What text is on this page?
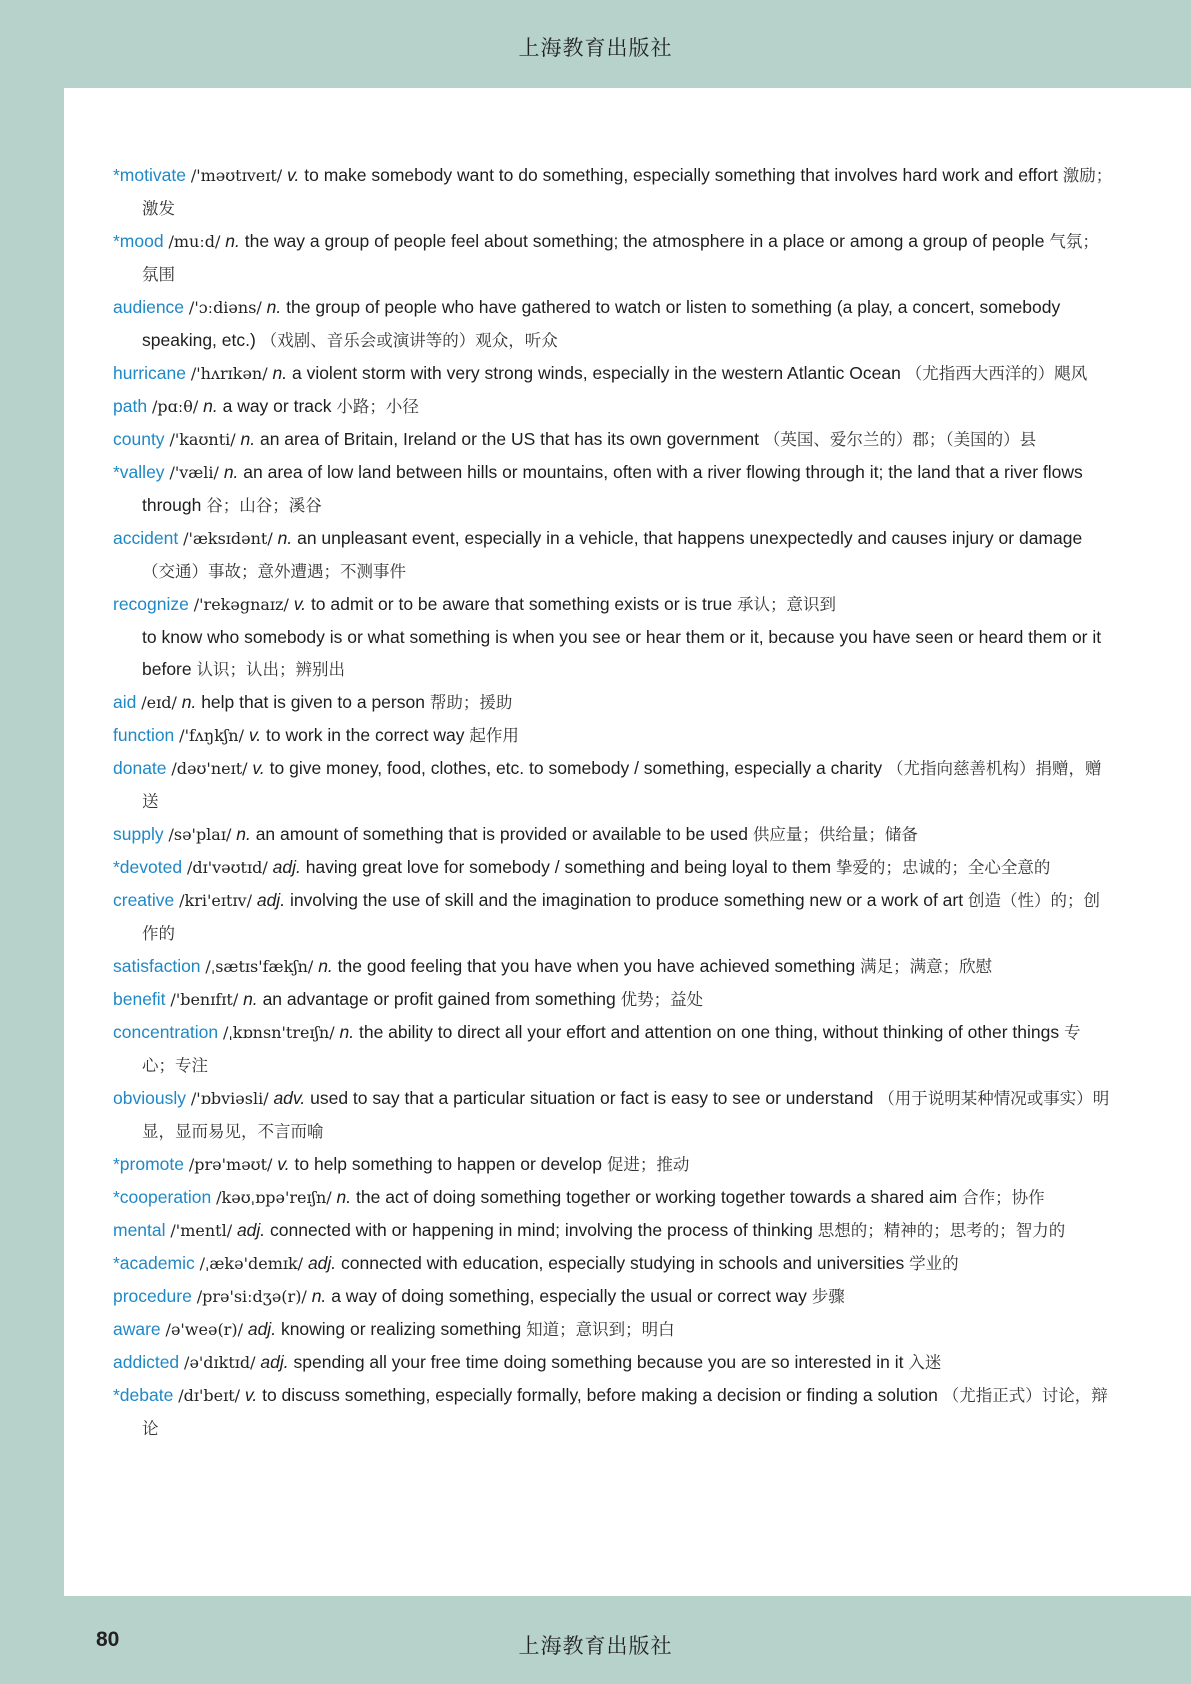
上海教育出版社
*motivate /'məʊtɪveɪt/ v. to make somebody want to do something, especially something that involves hard work and effort 激励；激发
*mood /muːd/ n. the way a group of people feel about something; the atmosphere in a place or among a group of people 气氛；氛围
audience /'ɔːdiəns/ n. the group of people who have gathered to watch or listen to something (a play, a concert, somebody speaking, etc.) （戏剧、音乐会或演讲等的）观众，听众
hurricane /'hʌrɪkən/ n. a violent storm with very strong winds, especially in the western Atlantic Ocean （尤指西大西洋的）飓风
path /pɑːθ/ n. a way or track 小路；小径
county /'kaʊnti/ n. an area of Britain, Ireland or the US that has its own government （英国、爱尔兰的）郡；（美国的）县
*valley /'væli/ n. an area of low land between hills or mountains, often with a river flowing through it; the land that a river flows through 谷；山谷；溪谷
accident /'æksɪdənt/ n. an unpleasant event, especially in a vehicle, that happens unexpectedly and causes injury or damage （交通）事故；意外遭遇；不测事件
recognize /'rekəgnaɪz/ v. to admit or to be aware that something exists or is true 承认；意识到
to know who somebody is or what something is when you see or hear them or it, because you have seen or heard them or it before 认识；认出；辨别出
aid /eɪd/ n. help that is given to a person 帮助；援助
function /'fʌŋkʃn/ v. to work in the correct way 起作用
donate /dəʊ'neɪt/ v. to give money, food, clothes, etc. to somebody / something, especially a charity （尤指向慈善机构）捐赠，赠送
supply /sə'plaɪ/ n. an amount of something that is provided or available to be used 供应量；供给量；储备
*devoted /dɪ'vəʊtɪd/ adj. having great love for somebody / something and being loyal to them 挚爱的；忠诚的；全心全意的
creative /kri'eɪtɪv/ adj. involving the use of skill and the imagination to produce something new or a work of art 创造（性）的；创作的
satisfaction /ˌsætɪs'fækʃn/ n. the good feeling that you have when you have achieved something 满足；满意；欣慰
benefit /'benɪfɪt/ n. an advantage or profit gained from something 优势；益处
concentration /ˌkɒnsn'treɪʃn/ n. the ability to direct all your effort and attention on one thing, without thinking of other things 专心；专注
obviously /'ɒbviəsli/ adv. used to say that a particular situation or fact is easy to see or understand （用于说明某种情况或事实）明显，显而易见，不言而喻
*promote /prə'məʊt/ v. to help something to happen or develop 促进；推动
*cooperation /kəʊˌɒpə'reɪʃn/ n. the act of doing something together or working together towards a shared aim 合作；协作
mental /'mentl/ adj. connected with or happening in mind; involving the process of thinking 思想的；精神的；思考的；智力的
*academic /ˌækə'demɪk/ adj. connected with education, especially studying in schools and universities 学业的
procedure /prə'siːdʒə(r)/ n. a way of doing something, especially the usual or correct way 步骤
aware /ə'weə(r)/ adj. knowing or realizing something 知道；意识到；明白
addicted /ə'dɪktɪd/ adj. spending all your free time doing something because you are so interested in it 入迷
*debate /dɪ'beɪt/ v. to discuss something, especially formally, before making a decision or finding a solution （尤指正式）讨论，辩论
80	上海教育出版社
